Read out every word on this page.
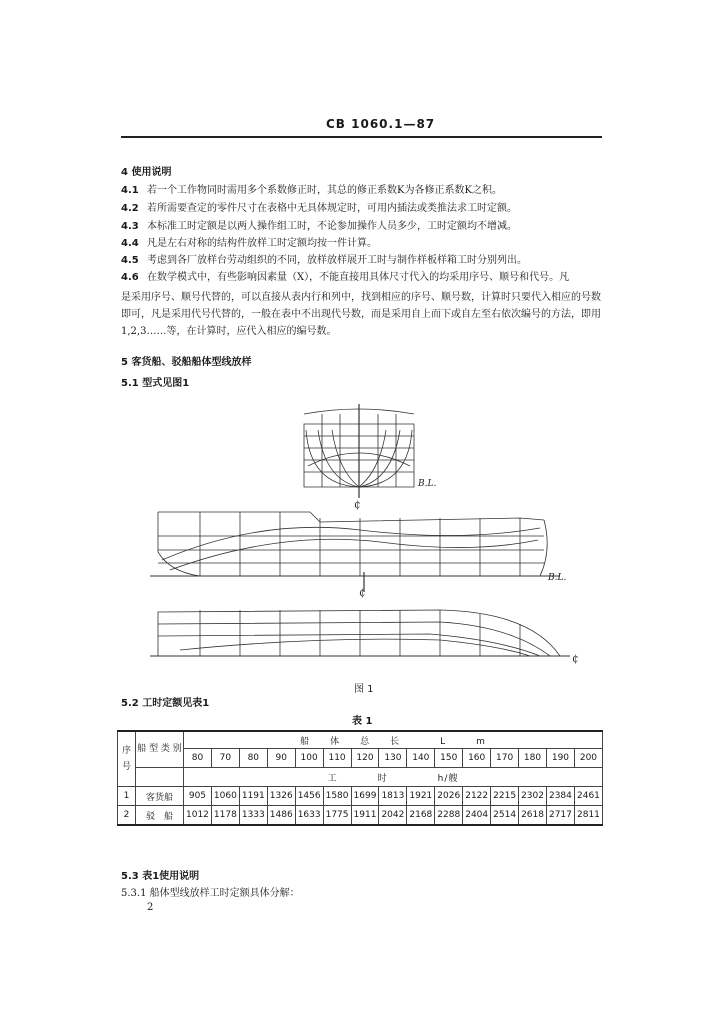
CB 1060.1—87
4 使用说明
4.1 若一个工作物同时需用多个系数修正时，其总的修正系数K为各修正系数K之积。
4.2 若所需要查定的零件尺寸在表格中无具体规定时，可用内插法或类推法求工时定额。
4.3 本标准工时定额是以两人操作组工时，不论参加操作人员多少，工时定额均不增减。
4.4 凡是左右对称的结构件放样工时定额均按一件计算。
4.5 考虑到各厂放样台劳动组织的不同，放样放样展开工时与制作样板样箱工时分别列出。
4.6 在数学模式中，有些影响因素量（X），不能直接用具体尺寸代入的均采用序号、顺号和代号。凡
是采用序号、顺号代替的，可以直接从表内行和列中，找到相应的序号、顺号数，计算时只要代入相应的号数即可，凡是采用代号代替的，一般在表中不出现代号数，而是采用自上而下或自左至右依次编号的方法，即用1,2,3……等，在计算时，应代入相应的编号数。
5 客货船、驳船船体型线放样
5.1 型式见图1
B.L.
₵
B.L.
₵
₵
图 1
5.2 工时定额见表1
表 1
序号	船 型 类 别	船　　体　　总　　长　　　　L　　　m														
		80	70	80	90	100	110	120	130	140	150	160	170	180	190	200
		工　　　　时　　　　　h/艘														
1	客货船	905	1060	1191	1326	1456	1580	1699	1813	1921	2026	2122	2215	2302	2384	2461
2	驳　船	1012	1178	1333	1486	1633	1775	1911	2042	2168	2288	2404	2514	2618	2717	2811
5.3 表1使用说明
5.3.1 船体型线放样工时定额具体分解：
2
